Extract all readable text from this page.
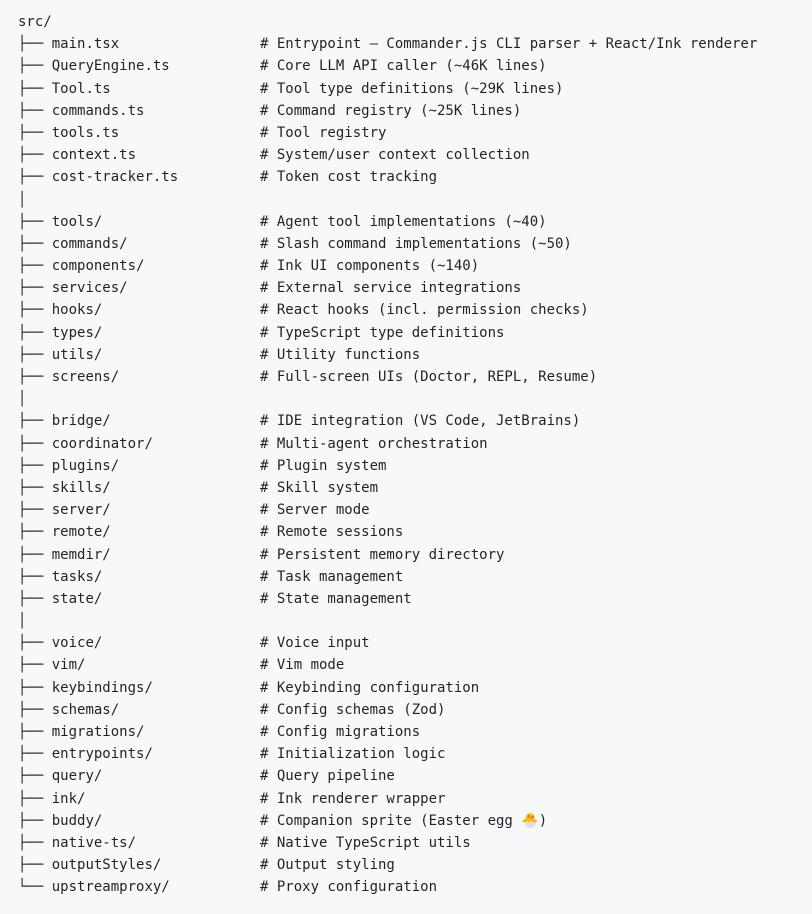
src/
├── main.tsx	# Entrypoint — Commander.js CLI parser + React/Ink renderer
├── QueryEngine.ts	# Core LLM API caller (~46K lines)
├── Tool.ts	# Tool type definitions (~29K lines)
├── commands.ts	# Command registry (~25K lines)
├── tools.ts	# Tool registry
├── context.ts	# System/user context collection
├── cost-tracker.ts	# Token cost tracking
│
├── tools/	# Agent tool implementations (~40)
├── commands/	# Slash command implementations (~50)
├── components/	# Ink UI components (~140)
├── services/	# External service integrations
├── hooks/	# React hooks (incl. permission checks)
├── types/	# TypeScript type definitions
├── utils/	# Utility functions
├── screens/	# Full-screen UIs (Doctor, REPL, Resume)
│
├── bridge/	# IDE integration (VS Code, JetBrains)
├── coordinator/	# Multi-agent orchestration
├── plugins/	# Plugin system
├── skills/	# Skill system
├── server/	# Server mode
├── remote/	# Remote sessions
├── memdir/	# Persistent memory directory
├── tasks/	# Task management
├── state/	# State management
│
├── voice/	# Voice input
├── vim/	# Vim mode
├── keybindings/	# Keybinding configuration
├── schemas/	# Config schemas (Zod)
├── migrations/	# Config migrations
├── entrypoints/	# Initialization logic
├── query/	# Query pipeline
├── ink/	# Ink renderer wrapper
├── buddy/	# Companion sprite (Easter egg 🐣)
├── native-ts/	# Native TypeScript utils
├── outputStyles/	# Output styling
└── upstreamproxy/	# Proxy configuration
